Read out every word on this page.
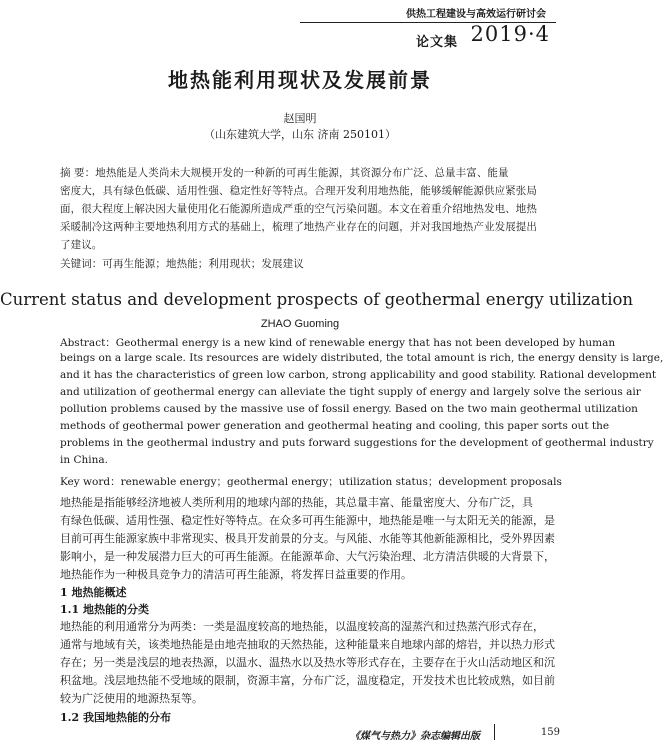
供热工程建设与高效运行研讨会
论文集 2019·4
地热能利用现状及发展前景
赵国明
（山东建筑大学，山东 济南 250101）
摘 要：地热能是人类尚未大规模开发的一种新的可再生能源，其资源分布广泛、总量丰富、能量
密度大，具有绿色低碳、适用性强、稳定性好等特点。合理开发利用地热能，能够缓解能源供应紧张局
面，很大程度上解决因大量使用化石能源所造成严重的空气污染问题。本文在着重介绍地热发电、地热
采暖制冷这两种主要地热利用方式的基础上，梳理了地热产业存在的问题，并对我国地热产业发展提出
了建议。
关键词：可再生能源；地热能；利用现状；发展建议
Current status and development prospects of geothermal energy utilization
ZHAO Guoming
Abstract：Geothermal energy is a new kind of renewable energy that has not been developed by human
beings on a large scale. Its resources are widely distributed, the total amount is rich, the energy density is large,
and it has the characteristics of green low carbon, strong applicability and good stability. Rational development
and utilization of geothermal energy can alleviate the tight supply of energy and largely solve the serious air
pollution problems caused by the massive use of fossil energy. Based on the two main geothermal utilization
methods of geothermal power generation and geothermal heating and cooling, this paper sorts out the
problems in the geothermal industry and puts forward suggestions for the development of geothermal industry
in China.
Key word：renewable energy；geothermal energy；utilization status；development proposals
地热能是指能够经济地被人类所利用的地球内部的热能，其总量丰富、能量密度大、分布广泛，具
有绿色低碳、适用性强、稳定性好等特点。在众多可再生能源中，地热能是唯一与太阳无关的能源，是
目前可再生能源家族中非常现实、极具开发前景的分支。与风能、水能等其他新能源相比，受外界因素
影响小，是一种发展潜力巨大的可再生能源。在能源革命、大气污染治理、北方清洁供暖的大背景下，
地热能作为一种极具竞争力的清洁可再生能源，将发挥日益重要的作用。
1 地热能概述
1.1 地热能的分类
地热能的利用通常分为两类：一类是温度较高的地热能，以温度较高的湿蒸汽和过热蒸汽形式存在，
通常与地域有关，该类地热能是由地壳抽取的天然热能，这种能量来自地球内部的熔岩，并以热力形式
存在；另一类是浅层的地表热源，以温水、温热水以及热水等形式存在，主要存在于火山活动地区和沉
积盆地。浅层地热能不受地域的限制，资源丰富，分布广泛，温度稳定，开发技术也比较成熟，如目前
较为广泛使用的地源热泵等。
1.2 我国地热能的分布
《煤气与热力》杂志编辑出版	159
